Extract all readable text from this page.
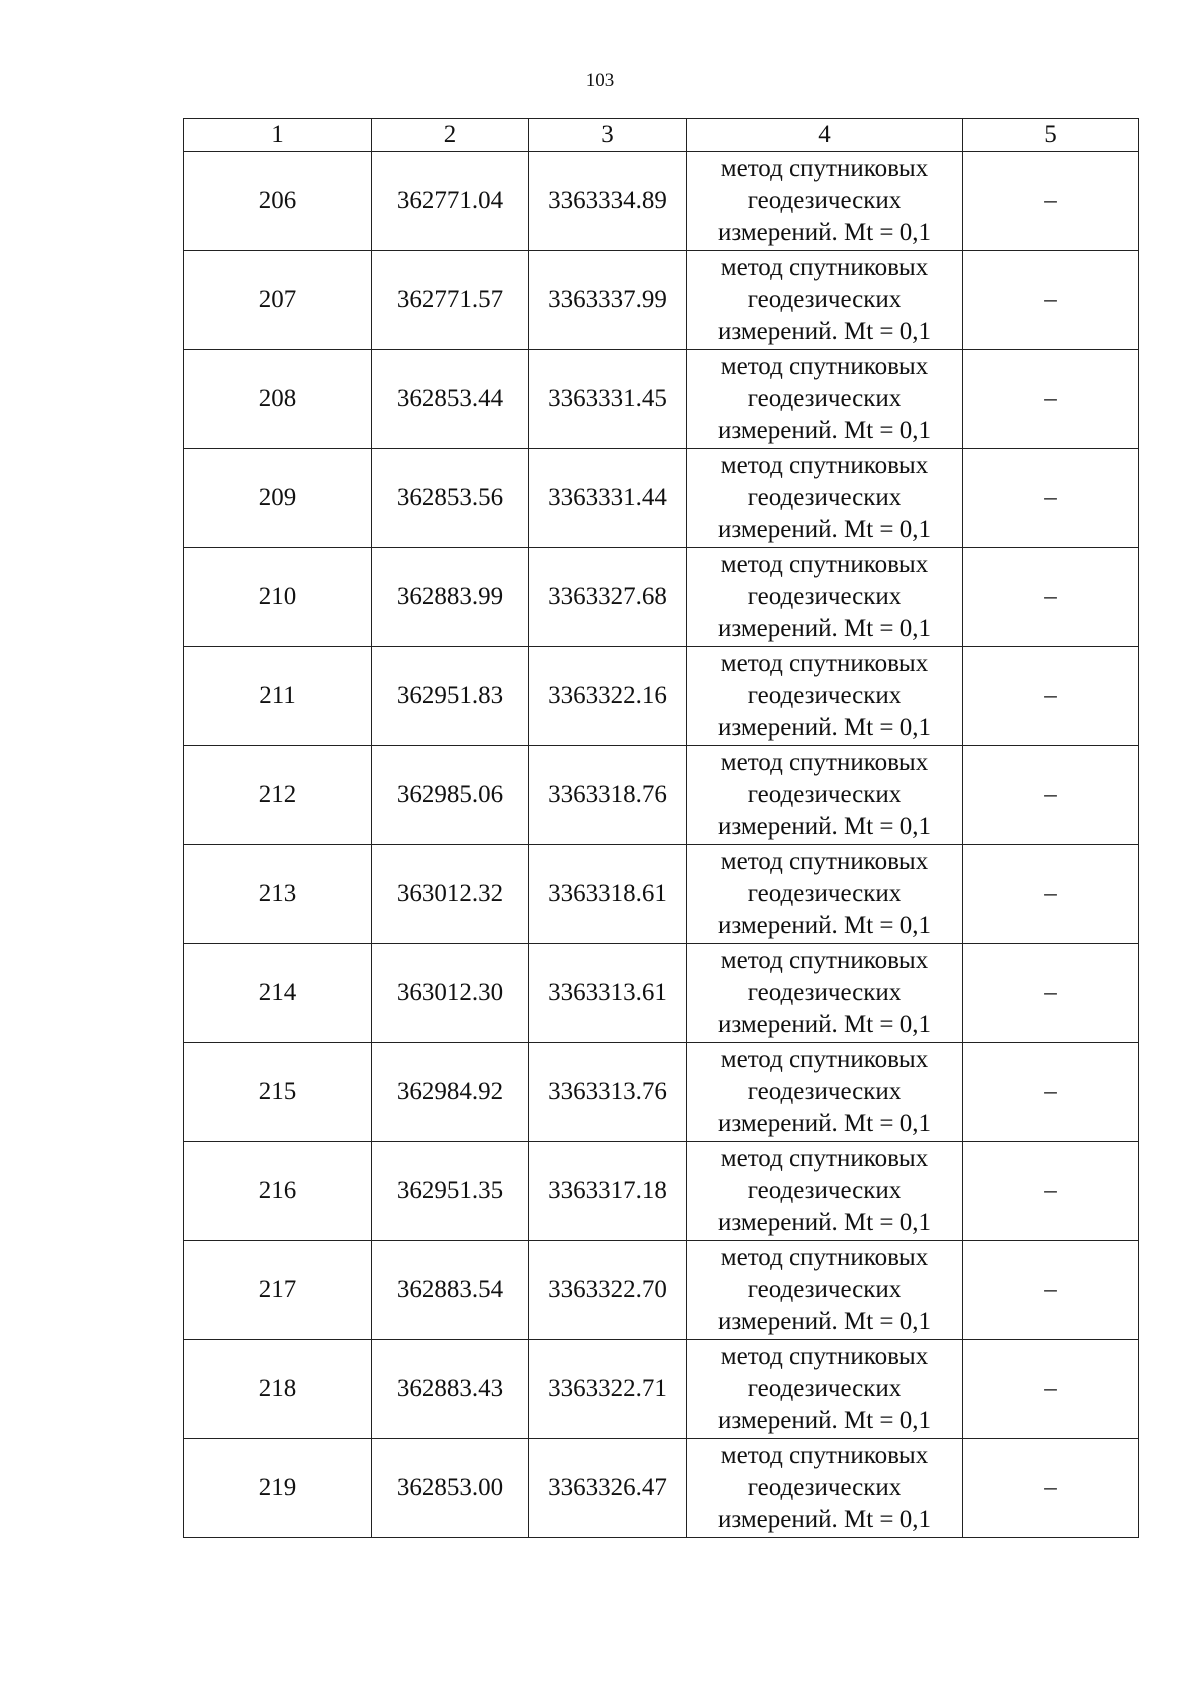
103
1	2	3	4	5
206	362771.04	3363334.89	метод спутниковых
геодезических
измерений. Mt = 0,1	–
207	362771.57	3363337.99	метод спутниковых
геодезических
измерений. Mt = 0,1	–
208	362853.44	3363331.45	метод спутниковых
геодезических
измерений. Mt = 0,1	–
209	362853.56	3363331.44	метод спутниковых
геодезических
измерений. Mt = 0,1	–
210	362883.99	3363327.68	метод спутниковых
геодезических
измерений. Mt = 0,1	–
211	362951.83	3363322.16	метод спутниковых
геодезических
измерений. Mt = 0,1	–
212	362985.06	3363318.76	метод спутниковых
геодезических
измерений. Mt = 0,1	–
213	363012.32	3363318.61	метод спутниковых
геодезических
измерений. Mt = 0,1	–
214	363012.30	3363313.61	метод спутниковых
геодезических
измерений. Mt = 0,1	–
215	362984.92	3363313.76	метод спутниковых
геодезических
измерений. Mt = 0,1	–
216	362951.35	3363317.18	метод спутниковых
геодезических
измерений. Mt = 0,1	–
217	362883.54	3363322.70	метод спутниковых
геодезических
измерений. Mt = 0,1	–
218	362883.43	3363322.71	метод спутниковых
геодезических
измерений. Mt = 0,1	–
219	362853.00	3363326.47	метод спутниковых
геодезических
измерений. Mt = 0,1	–
